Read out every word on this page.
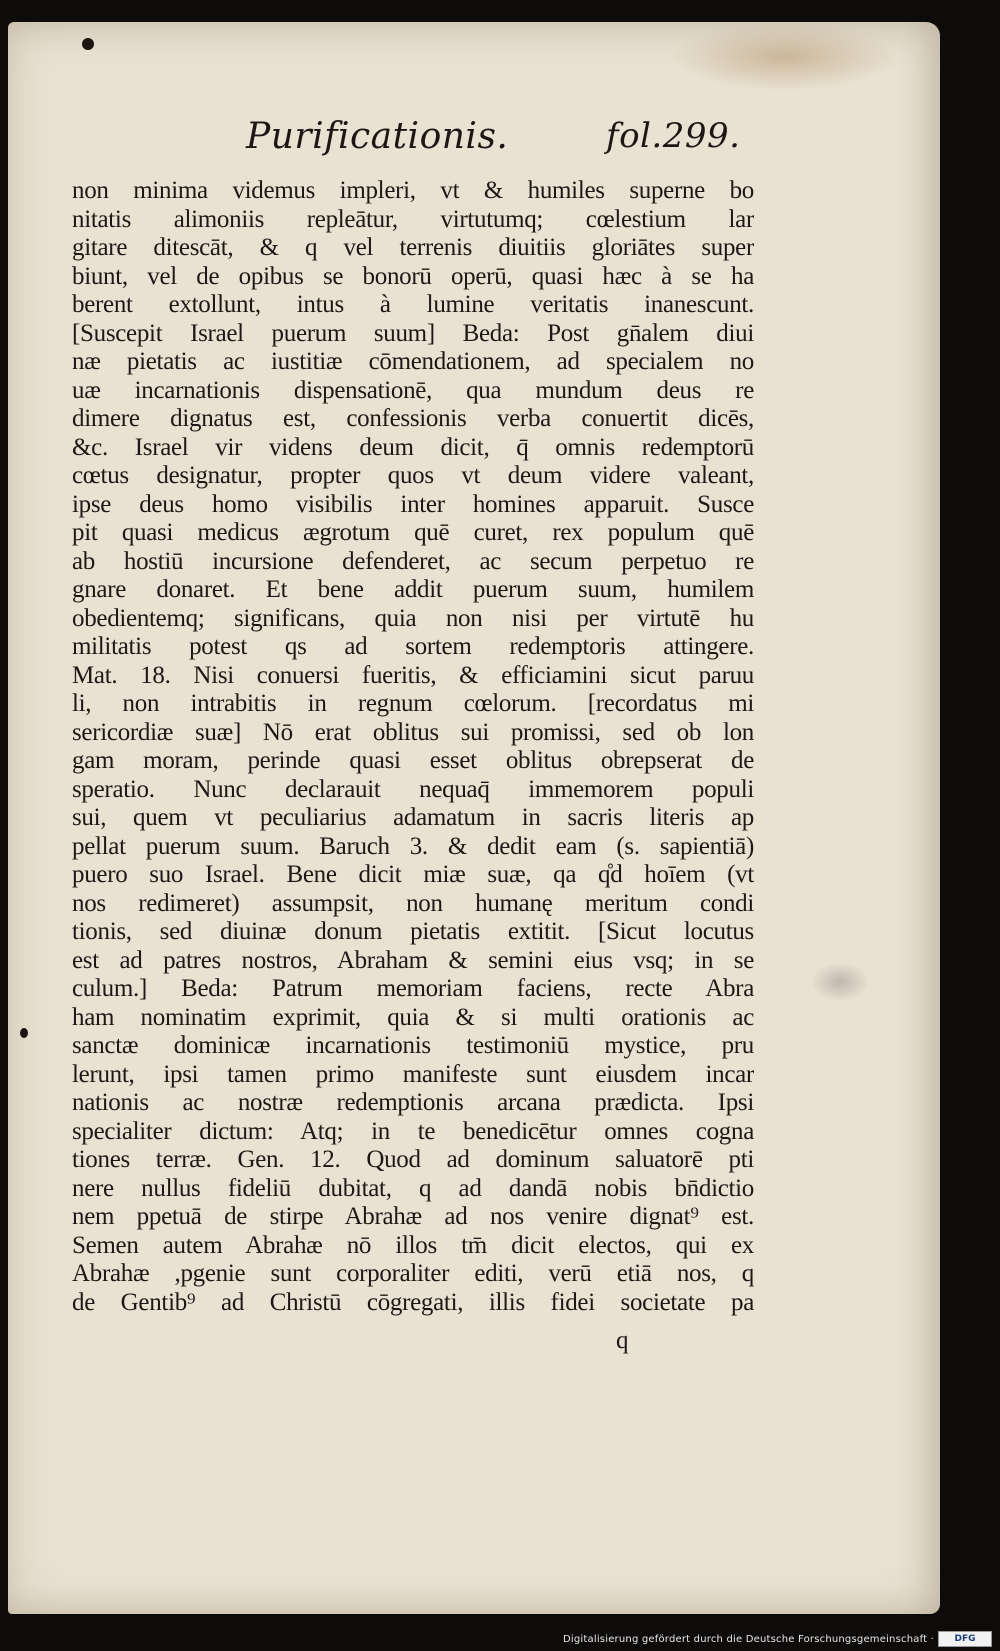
Purificationis.	fol.299.
non minima videmus impleri, vt & humiles superne bo
nitatis alimoniis repleātur, virtutumq; cœlestium lar
gitare ditescāt, & q vel terrenis diuitiis gloriātes super
biunt, vel de opibus se bonorū operū, quasi hæc à se ha
berent extollunt, intus à lumine veritatis inanescunt.
[Suscepit Israel puerum suum] Beda: Post gn̄alem diui
næ pietatis ac iustitiæ cōmendationem, ad specialem no
uæ incarnationis dispensationē, qua mundum deus re
dimere dignatus est, confessionis verba conuertit dicēs,
&c. Israel vir videns deum dicit, q̄ omnis redemptorū
cœtus designatur, propter quos vt deum videre valeant,
ipse deus homo visibilis inter homines apparuit. Susce
pit quasi medicus ægrotum quē curet, rex populum quē
ab hostiū incursione defenderet, ac secum perpetuo re
gnare donaret. Et bene addit puerum suum, humilem
obedientemq; significans, quia non nisi per virtutē hu
militatis potest qs ad sortem redemptoris attingere.
Mat. 18. Nisi conuersi fueritis, & efficiamini sicut paruu
li, non intrabitis in regnum cœlorum. [recordatus mi
sericordiæ suæ] Nō erat oblitus sui promissi, sed ob lon
gam moram, perinde quasi esset oblitus obrepserat de
speratio. Nunc declarauit nequaq̄ immemorem populi
sui, quem vt peculiarius adamatum in sacris literis ap
pellat puerum suum. Baruch 3. & dedit eam (s. sapientiā)
puero suo Israel. Bene dicit miæ suæ, qa q̊d hoīem (vt
nos redimeret) assumpsit, non humanę meritum condi
tionis, sed diuinæ donum pietatis extitit. [Sicut locutus
est ad patres nostros, Abraham & semini eius vsq; in se
culum.] Beda: Patrum memoriam faciens, recte Abra
ham nominatim exprimit, quia & si multi orationis ac
sanctæ dominicæ incarnationis testimoniū mystice, pru
lerunt, ipsi tamen primo manifeste sunt eiusdem incar
nationis ac nostræ redemptionis arcana prædicta. Ipsi
specialiter dictum: Atq; in te benedicētur omnes cogna
tiones terræ. Gen. 12. Quod ad dominum saluatorē pti
nere nullus fideliū dubitat, q ad dandā nobis bn̄dictio
nem ppetuā de stirpe Abrahæ ad nos venire dignat⁹ est.
Semen autem Abrahæ nō illos tm̄ dicit electos, qui ex
Abrahæ ,pgenie sunt corporaliter editi, verū etiā nos, q
de Gentib⁹ ad Christū cōgregati, illis fidei societate pa
q
Digitalisierung gefördert durch die Deutsche Forschungsgemeinschaft ·	DFG
